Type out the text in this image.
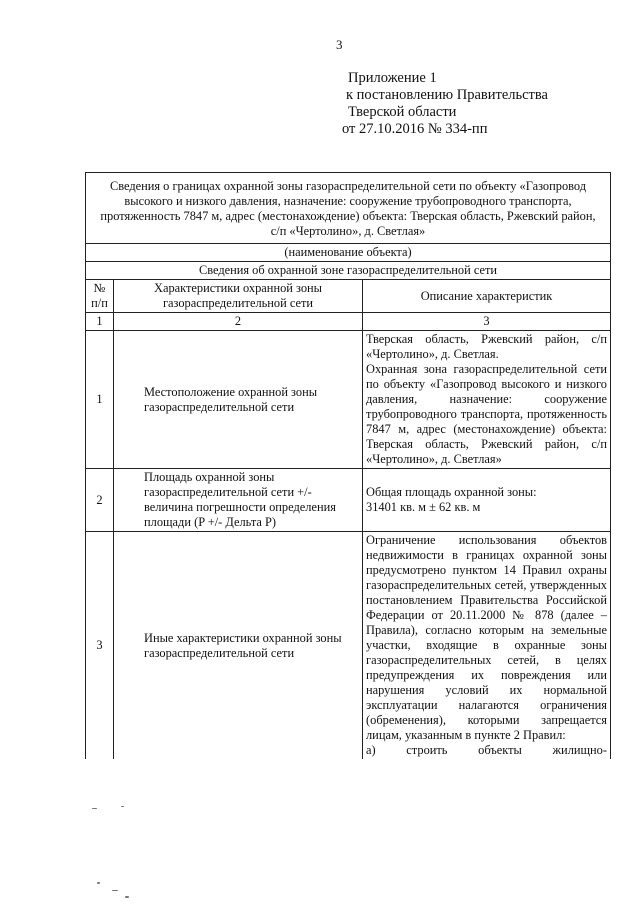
3
Приложение 1
к постановлению Правительства
Тверской области
от 27.10.2016 № 334-пп
Сведения о границах охранной зоны газораспределительной сети по объекту «Газопровод высокого и низкого давления, назначение: сооружение трубопроводного транспорта, протяженность 7847 м, адрес (местонахождение) объекта: Тверская область, Ржевский район, с/п «Чертолино», д. Светлая»		
(наименование объекта)		
Сведения об охранной зоне газораспределительной сети		
№ п/п	Характеристики охранной зоны газораспределительной сети	Описание характеристик
1	2	3
1	Местоположение охранной зоны газораспределительной сети	Тверская область, Ржевский район, с/п «Чертолино», д. Светлая.
Охранная зона газораспределительной сети по объекту «Газопровод высокого и низкого давления, назначение: сооружение трубопроводного транспорта, протяженность 7847 м, адрес (местонахождение) объекта: Тверская область, Ржевский район, с/п «Чертолино», д. Светлая»

2	Площадь охранной зоны газораспределительной сети +/- величина погрешности определения площади (P +/- Дельта P)	Общая площадь охранной зоны:
31401 кв. м ± 62 кв. м

3	Иные характеристики охранной зоны газораспределительной сети	Ограничение использования объектов недвижимости в границах охранной зоны предусмотрено пунктом 14 Правил охраны газораспределительных сетей, утвержденных постановлением Правительства Российской Федерации от 20.11.2000 № 878 (далее – Правила), согласно которым на земельные участки, входящие в охранные зоны газораспределительных сетей, в целях предупреждения их повреждения или нарушения условий их нормальной эксплуатации налагаются ограничения (обременения), которыми запрещается лицам, указанным в пункте 2 Правил:
а) строить объекты жилищно-
